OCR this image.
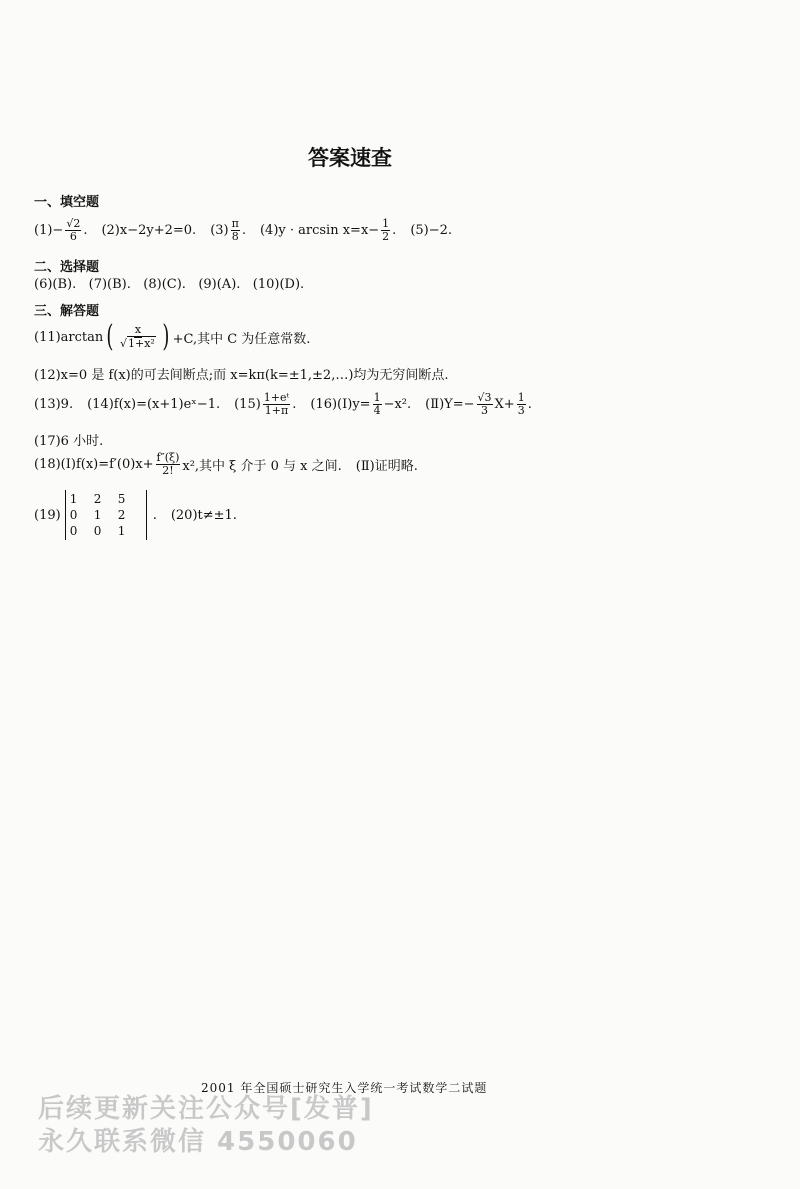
答案速查
一、填空题
$(1)- \frac{√2}{6}$ . (2)x−2y+2=0. $(3) \frac{\pi}{8}$ . $(4)y \cdot \arcsin x=x- \frac{1}{2}$ . (5)−2.
二、选择题
(6)(B).   (7)(B).   (8)(C).   (9)(A).   (10)(D).
三、解答题
(11)arctan ( $\frac{x}{\text{√1+x²}}$ ) +C,其中 C 为任意常数.
(12)x=0 是 f(x)的可去间断点;而 x=kπ(k=±1,±2,…)均为无穷间断点.
(13)9. (14)f(x)=(x+1)eˣ−1. $(15) \frac{\text{1+eᵗ}}{1+\pi}$ . (16)(Ⅰ)y= $\frac{1}{4} -x^2$. (Ⅱ)Y=− $\frac{√3}{3} X+ \frac{1}{3}$ .
(17)6 小时.
(18)(Ⅰ)f(x)=f′(0)x+ $\frac{f''(\xi)}{2!} x^2$,其中 ξ 介于 0 与 x 之间. (Ⅱ)证明略.
(19)
1	2	5
0	1	2
0	0	1
. (20)t≠±1.
2001 年全国硕士研究生入学统一考试数学二试题
后续更新关注公众号[发普]
永久联系微信 4550060
